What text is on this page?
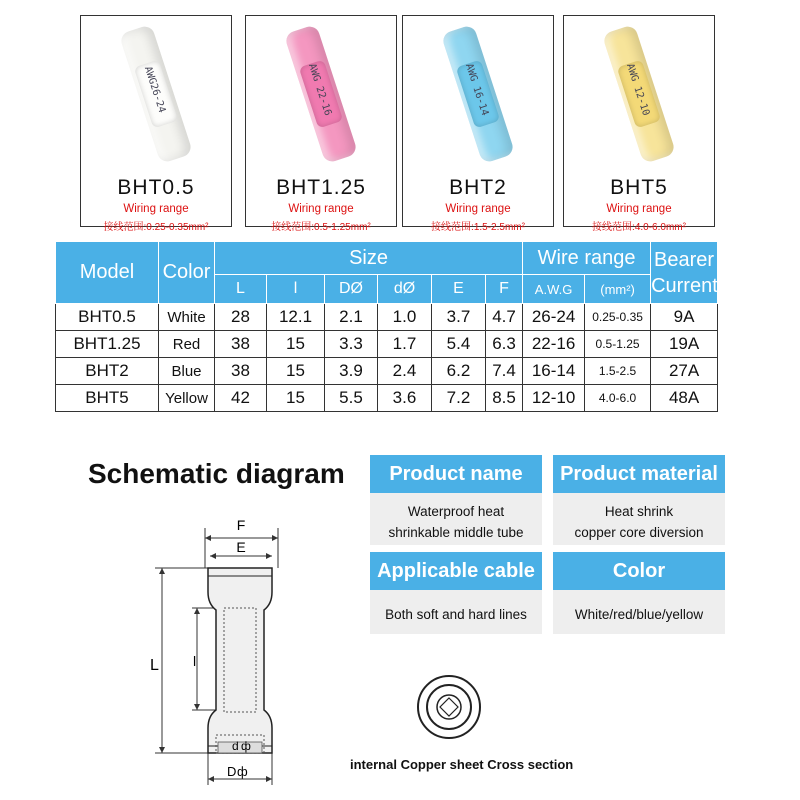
AWG26-24
BHT0.5
Wiring range
接线范围:0.25-0.35mm²
AWG 22-16
BHT1.25
Wiring range
接线范围:0.5-1.25mm²
AWG 16-14
BHT2
Wiring range
接线范围:1.5-2.5mm²
AWG 12-10
BHT5
Wiring range
接线范围:4.0-6.0mm²
Model	Color	Size						Wire range		Bearer Current
		L	l	DØ	dØ	E	F	A.W.G	(mm²)	
BHT0.5	White	28	12.1	2.1	1.0	3.7	4.7	26-24	0.25-0.35	9A
BHT1.25	Red	38	15	3.3	1.7	5.4	6.3	22-16	0.5-1.25	19A
BHT2	Blue	38	15	3.9	2.4	6.2	7.4	16-14	1.5-2.5	27A
BHT5	Yellow	42	15	5.5	3.6	7.2	8.5	12-10	4.0-6.0	48A
Schematic diagram
F
E
L l
d ф
D ф	internal Copper sheet Cross section
Product name
Waterproof heat
shrinkable middle tube
Product material
Heat shrink
copper core diversion
Applicable cable
Both soft and hard lines
Color
White/red/blue/yellow
